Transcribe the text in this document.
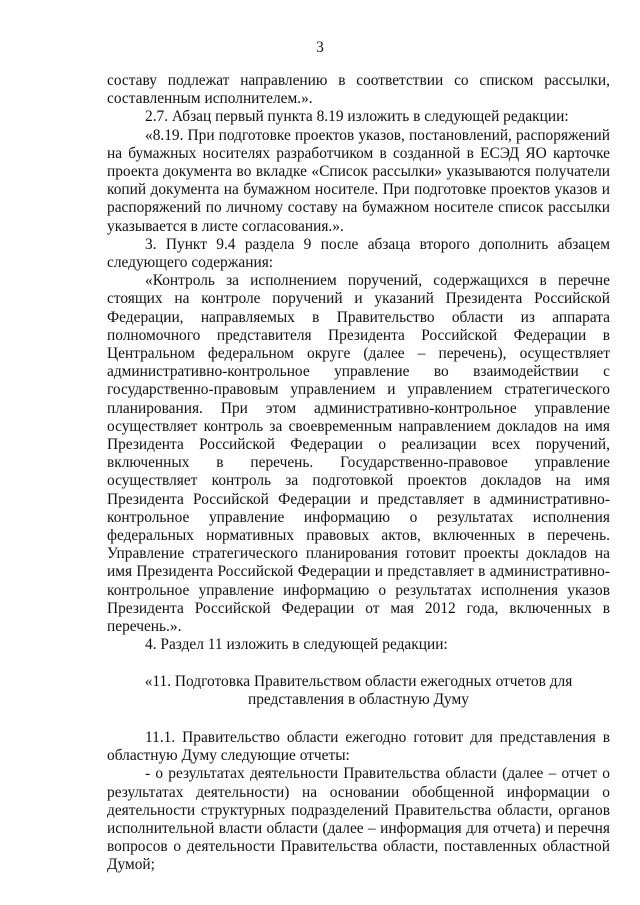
3

составу подлежат направлению в соответствии со списком рассылки, составленным исполнителем.».

2.7. Абзац первый пункта 8.19 изложить в следующей редакции:

«8.19. При подготовке проектов указов, постановлений, распоряжений на бумажных носителях разработчиком в созданной в ЕСЭД ЯО карточке проекта документа во вкладке «Список рассылки» указываются получатели копий документа на бумажном носителе. При подготовке проектов указов и распоряжений по личному составу на бумажном носителе список рассылки указывается в листе согласования.».

3. Пункт 9.4 раздела 9 после абзаца второго дополнить абзацем следующего содержания:

«Контроль за исполнением поручений, содержащихся в перечне стоящих на контроле поручений и указаний Президента Российской Федерации, направляемых в Правительство области из аппарата полномочного представителя Президента Российской Федерации в Центральном федеральном округе (далее – перечень), осуществляет административно-контрольное управление во взаимодействии с государственно-правовым управлением и управлением стратегического планирования. При этом административно-контрольное управление осуществляет контроль за своевременным направлением докладов на имя Президента Российской Федерации о реализации всех поручений, включенных в перечень. Государственно-правовое управление осуществляет контроль за подготовкой проектов докладов на имя Президента Российской Федерации и представляет в административно-контрольное управление информацию о результатах исполнения федеральных нормативных правовых актов, включенных в перечень. Управление стратегического планирования готовит проекты докладов на имя Президента Российской Федерации и представляет в административно-контрольное управление информацию о результатах исполнения указов Президента Российской Федерации от мая 2012 года, включенных в перечень.».

4. Раздел 11 изложить в следующей редакции:

«11. Подготовка Правительством области ежегодных отчетов для представления в областную Думу

11.1. Правительство области ежегодно готовит для представления в областную Думу следующие отчеты:

- о результатах деятельности Правительства области (далее – отчет о результатах деятельности) на основании обобщенной информации о деятельности структурных подразделений Правительства области, органов исполнительной власти области (далее – информация для отчета) и перечня вопросов о деятельности Правительства области, поставленных областной Думой;
